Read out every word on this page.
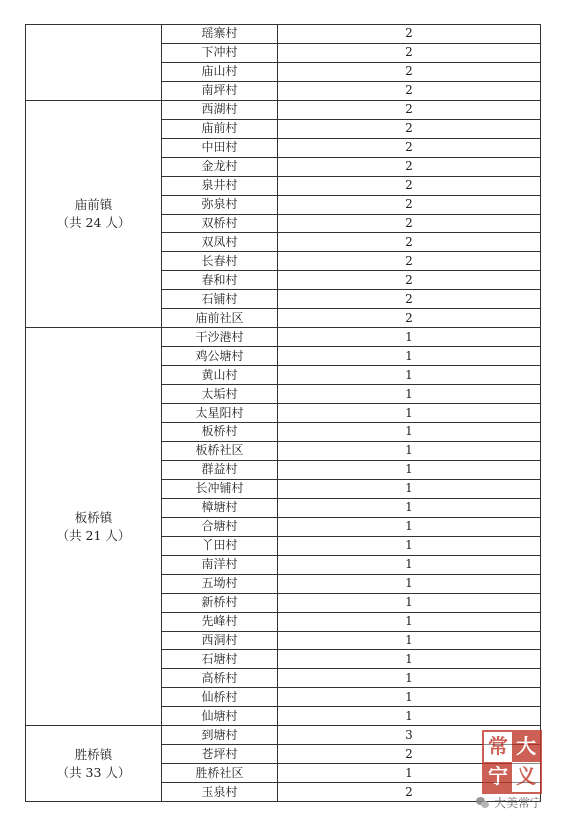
	瑶寨村	2
	下冲村	2
	庙山村	2
	南坪村	2

庙前镇
（共 24 人）	西湖村	2
	庙前村	2
	中田村	2
	金龙村	2
	泉井村	2
	弥泉村	2
	双桥村	2
	双凤村	2
	长春村	2
	春和村	2
	石铺村	2
	庙前社区	2

板桥镇
（共 21 人）	干沙港村	1
	鸡公塘村	1
	黄山村	1
	太垢村	1
	太星阳村	1
	板桥村	1
	板桥社区	1
	群益村	1
	长冲铺村	1
	樟塘村	1
	合塘村	1
	丫田村	1
	南洋村	1
	五坳村	1
	新桥村	1
	先峰村	1
	西洞村	1
	石塘村	1
	高桥村	1
	仙桥村	1
	仙塘村	1

胜桥镇
（共 33 人）	到塘村	3
	苍坪村	2
	胜桥社区	1
	玉泉村	2
常 大
宁 义
大美常宁
